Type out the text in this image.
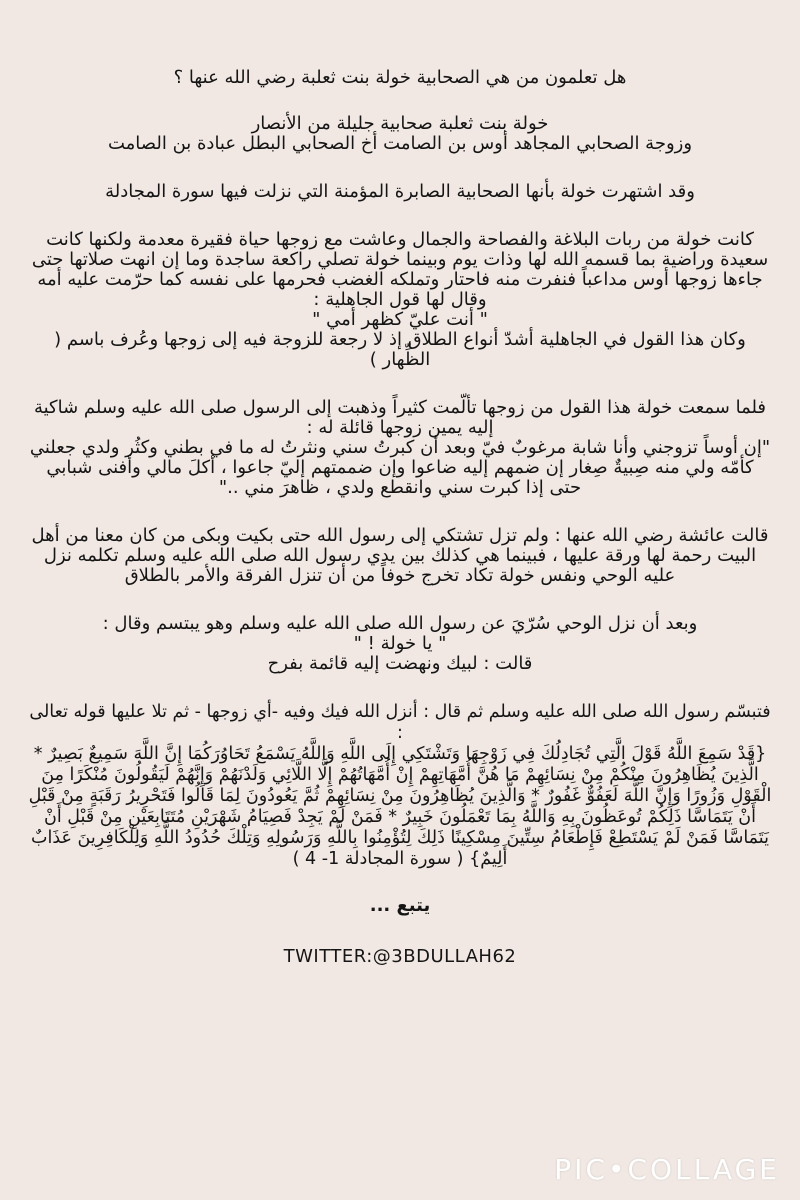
هل تعلمون من هي الصحابية خولة بنت ثعلبة رضي الله عنها ؟
خولة بنت ثعلبة صحابية جليلة من الأنصار
وزوجة الصحابي المجاهد أوس بن الصامت أخ الصحابي البطل عبادة بن الصامت
وقد اشتهرت خولة بأنها الصحابية الصابرة المؤمنة التي نزلت فيها سورة المجادلة
كانت خولة من ربات البلاغة والفصاحة والجمال وعاشت مع زوجها حياة فقيرة معدمة ولكنها كانت سعيدة وراضية بما قسمه الله لها وذات يوم وبينما خولة تصلي راكعة ساجدة وما إن انهت صلاتها حتى جاءها زوجها أوس مداعباً فنفرت منه فاحتار وتملكه الغضب فحرمها على نفسه كما حرّمت عليه أمه
وقال لها قول الجاهلية :
" أنت عليّ كظهر أمي "
وكان هذا القول في الجاهلية أشدّ أنواع الطلاق إذ لا رجعة للزوجة فيه إلى زوجها وعُرف باسم ( الظِّهار )
فلما سمعت خولة هذا القول من زوجها تألّمت كثيراً وذهبت إلى الرسول صلى الله عليه وسلم شاكية إليه يمين زوجها قائلة له :
"إن أوساً تزوجني وأنا شابة مرغوبٌ فيّ وبعد أن كبرتُ سني ونثرتُ له ما في بطني وكثُر ولدي جعلني كأمّه ولي منه صِبيةٌ صِغار إن ضمهم إليه ضاعوا وإن ضممتهم إليّ جاعوا ، أكلَ مالي وأفنى شبابي حتى إذا كبرت سني وانقطع ولدي ، ظاهرَ مني .."
قالت عائشة رضي الله عنها : ولم تزل تشتكي إلى رسول الله حتى بكيت وبكى من كان معنا من أهل البيت رحمة لها ورقة عليها ، فبينما هي كذلك بين يدي رسول الله صلى الله عليه وسلم تكلمه نزل عليه الوحي ونفس خولة تكاد تخرج خوفاً من أن تنزل الفرقة والأمر بالطلاق
وبعد أن نزل الوحي سُرّيَ عن رسول الله صلى الله عليه وسلم وهو يبتسم وقال :
" يا خولة ! "
قالت : لبيك ونهضت إليه قائمة بفرح
فتبسّم رسول الله صلى الله عليه وسلم ثم قال : أنزل الله فيك وفيه -أي زوجها - ثم تلا عليها قوله تعالى :
{قَدْ سَمِعَ اللَّهُ قَوْلَ الَّتِي تُجَادِلُكَ فِي زَوْجِهَا وَتَشْتَكِي إِلَى اللَّهِ وَاللَّهُ يَسْمَعُ تَحَاوُرَكُمَا إِنَّ اللَّهَ سَمِيعٌ بَصِيرٌ * الَّذِينَ يُظَاهِرُونَ مِنْكُمْ مِنْ نِسَائِهِمْ مَا هُنَّ أُمَّهَاتِهِمْ إِنْ أُمَّهَاتُهُمْ إِلَّا اللَّائِي وَلَدْنَهُمْ وَإِنَّهُمْ لَيَقُولُونَ مُنْكَرًا مِنَ الْقَوْلِ وَزُورًا وَإِنَّ اللَّهَ لَعَفُوٌّ غَفُورٌ * وَالَّذِينَ يُظَاهِرُونَ مِنْ نِسَائِهِمْ ثُمَّ يَعُودُونَ لِمَا قَالُوا فَتَحْرِيرُ رَقَبَةٍ مِنْ قَبْلِ أَنْ يَتَمَاسَّا ذَلِكُمْ تُوعَظُونَ بِهِ وَاللَّهُ بِمَا تَعْمَلُونَ خَبِيرٌ * فَمَنْ لَمْ يَجِدْ فَصِيَامُ شَهْرَيْنِ مُتَتَابِعَيْنِ مِنْ قَبْلِ أَنْ يَتَمَاسَّا فَمَنْ لَمْ يَسْتَطِعْ فَإِطْعَامُ سِتِّينَ مِسْكِينًا ذَلِكَ لِتُؤْمِنُوا بِاللَّهِ وَرَسُولِهِ وَتِلْكَ حُدُودُ اللَّهِ وَلِلْكَافِرِينَ عَذَابٌ أَلِيمٌ} ( سورة المجادلة 1- 4 )
يتبع ...
TWITTER:@3BDULLAH62
PIC•COLLAGE
